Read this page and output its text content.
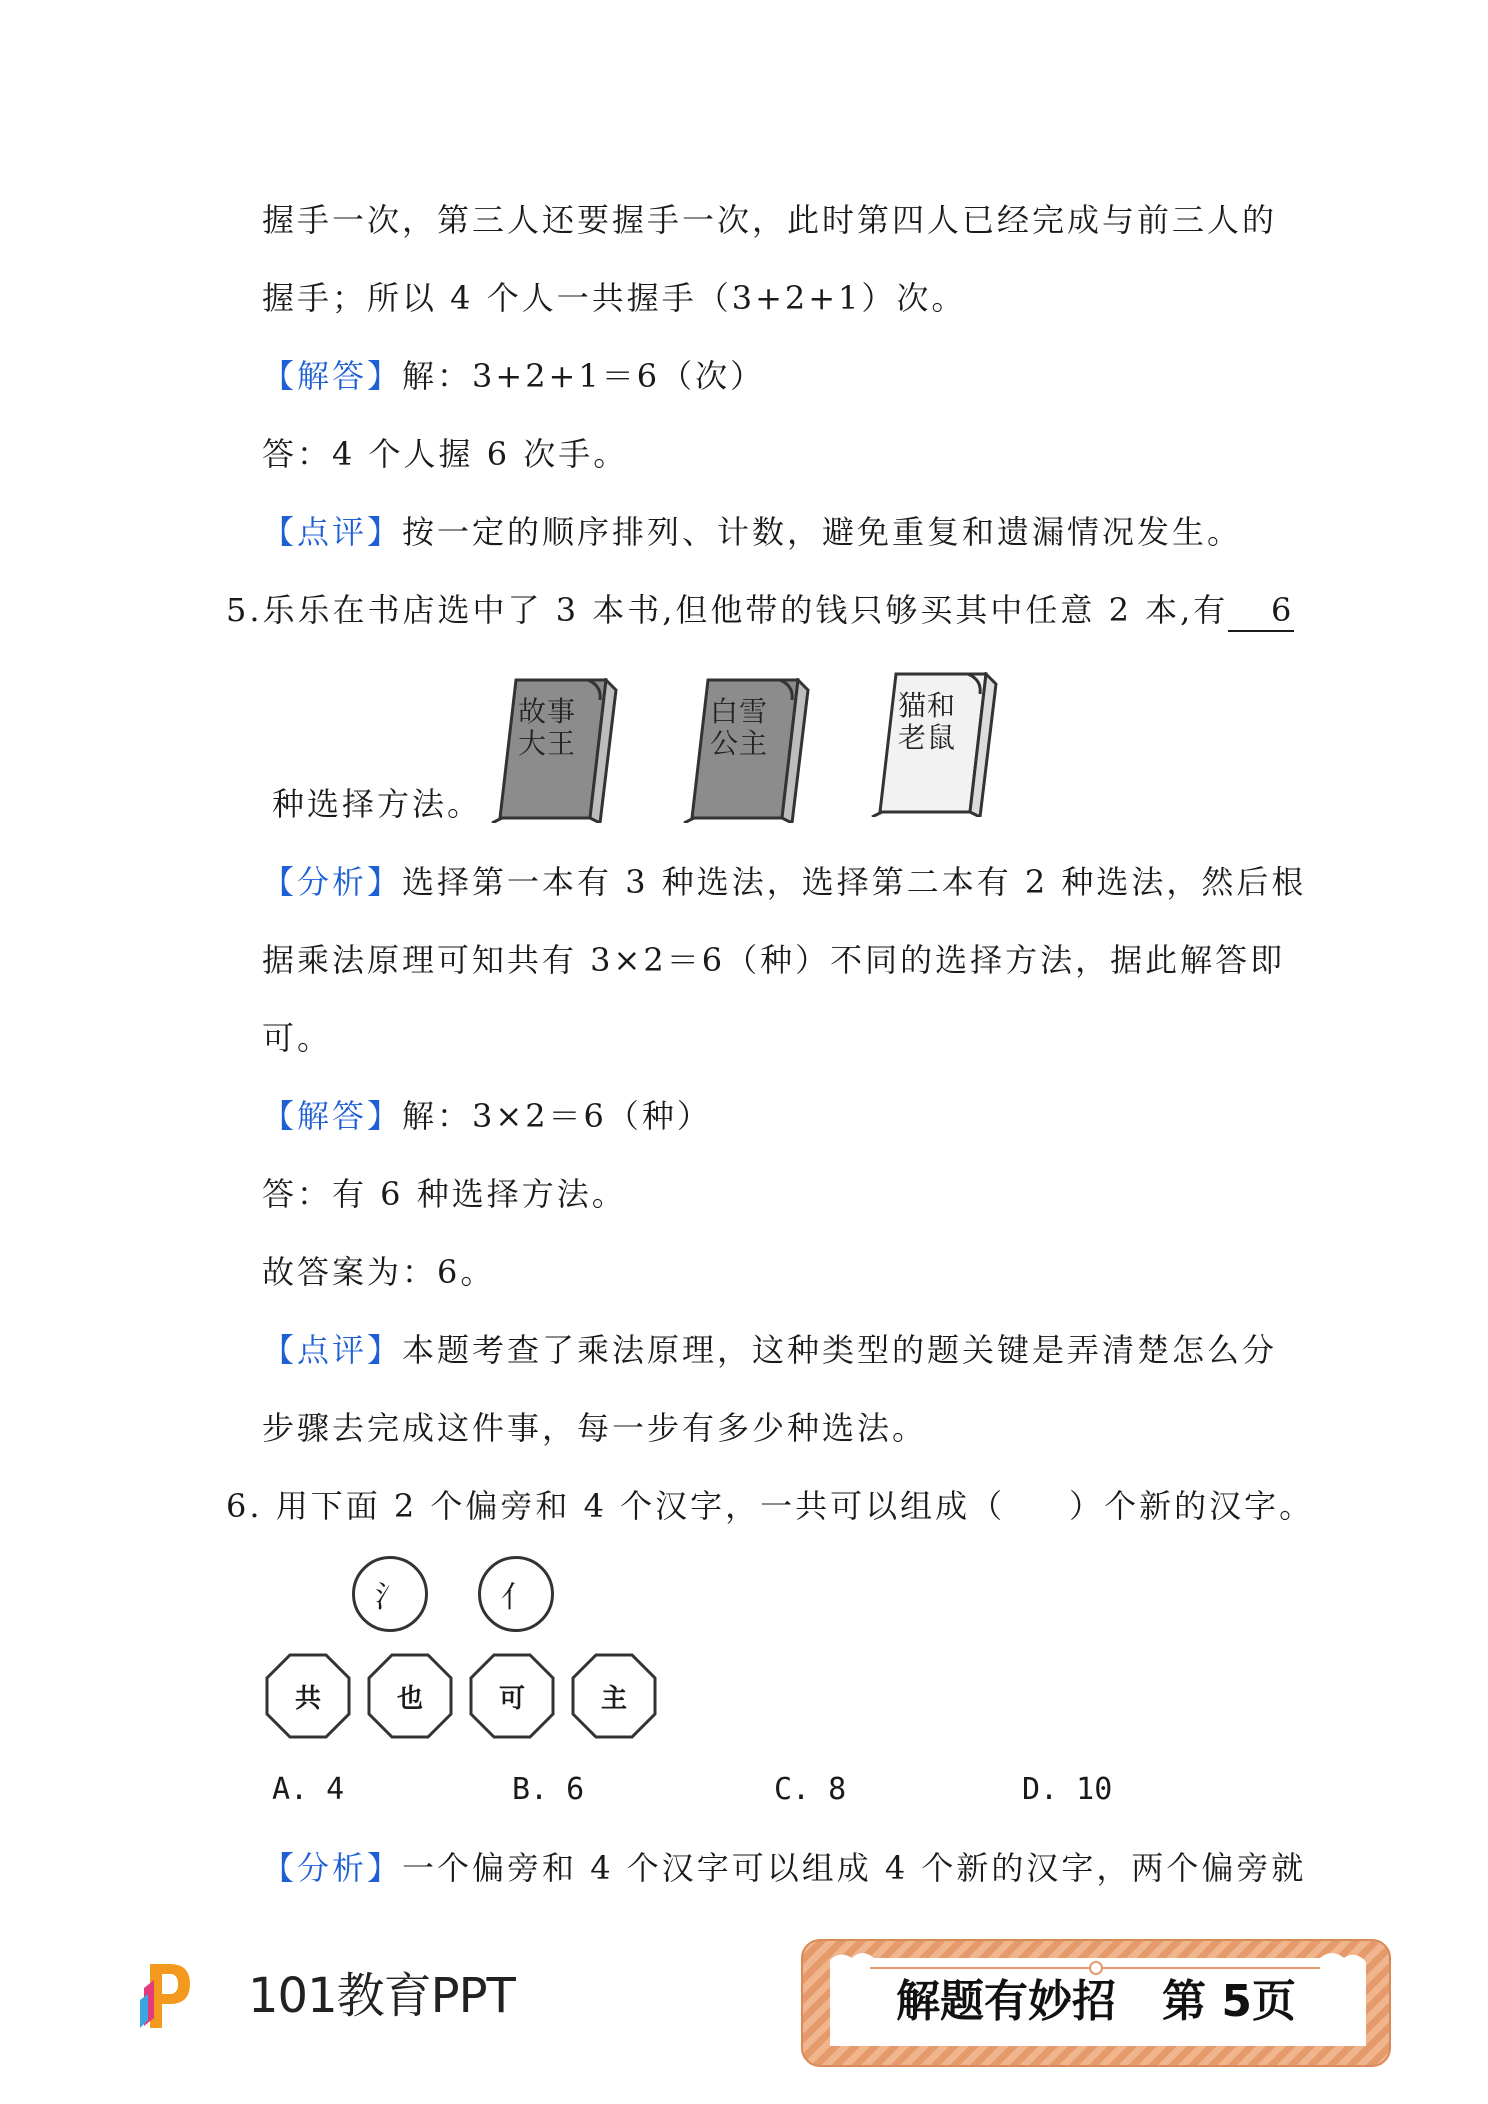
握手一次，第三人还要握手一次，此时第四人已经完成与前三人的
握手；所以 4 个人一共握手（3+2+1）次。
【解答】解：3+2+1＝6（次）
答：4 个人握 6 次手。
【点评】按一定的顺序排列、计数，避免重复和遗漏情况发生。
5.乐乐在书店选中了 3 本书,但他带的钱只够买其中任意 2 本,有 6
故事
大王
白雪
公主
猫和
老鼠
种选择方法。
【分析】选择第一本有 3 种选法，选择第二本有 2 种选法，然后根
据乘法原理可知共有 3×2＝6（种）不同的选择方法，据此解答即
可。
【解答】解：3×2＝6（种）
答：有 6 种选择方法。
故答案为：6。
【点评】本题考查了乘法原理，这种类型的题关键是弄清楚怎么分
步骤去完成这件事，每一步有多少种选法。
6. 用下面 2 个偏旁和 4 个汉字，一共可以组成（ ）个新的汉字。
氵	亻
共	也	可	主
A. 4	B. 6	C. 8	D. 10
【分析】一个偏旁和 4 个汉字可以组成 4 个新的汉字，两个偏旁就
101教育PPT	解题有妙招 第 5页
